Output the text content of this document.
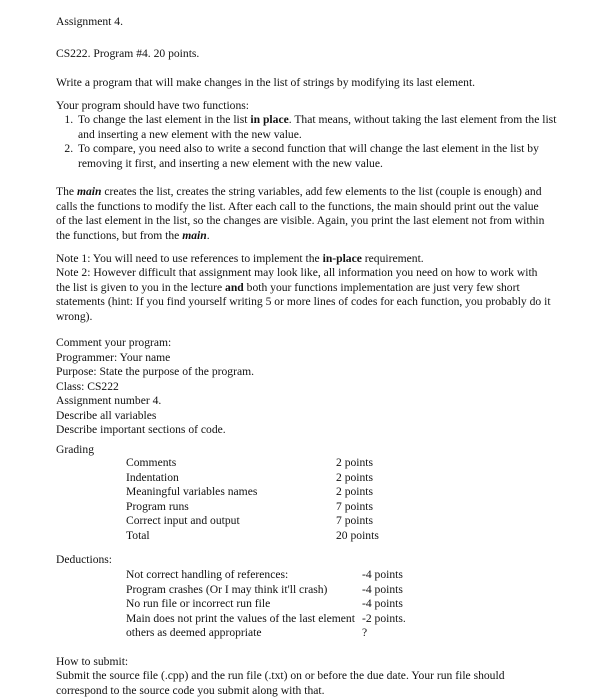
Assignment 4.

CS222. Program #4. 20 points.

Write a program that will make changes in the list of strings by modifying its last element.

Your program should have two functions:

1. To change the last element in the list in place. That means, without taking the last element from the list and inserting a new element with the new value.
2. To compare, you need also to write a second function that will change the last element in the list by removing it first, and inserting a new element with the new value.

The main creates the list, creates the string variables, add few elements to the list (couple is enough) and calls the functions to modify the list. After each call to the functions, the main should print out the value of the last element in the list, so the changes are visible. Again, you print the last element not from within the functions, but from the main.

Note 1: You will need to use references to implement the in-place requirement.

Note 2: However difficult that assignment may look like, all information you need on how to work with the list is given to you in the lecture and both your functions implementation are just very few short statements (hint: If you find yourself writing 5 or more lines of codes for each function, you probably do it wrong).

Comment your program:
Programmer: Your name
Purpose: State the purpose of the program.
Class: CS222
Assignment number 4.
Describe all variables
Describe important sections of code.

Grading

Comments	2 points
Indentation	2 points
Meaningful variables names	2 points
Program runs	7 points
Correct input and output	7 points
Total	20 points

Deductions:

Not correct handling of references:	-4 points
Program crashes (Or I may think it'll crash)	-4 points
No run file or incorrect run file	-4 points
Main does not print the values of the last element -2 points.
others as deemed appropriate	?

How to submit:

Submit the source file (.cpp) and the run file (.txt) on or before the due date. Your run file should correspond to the source code you submit along with that.
